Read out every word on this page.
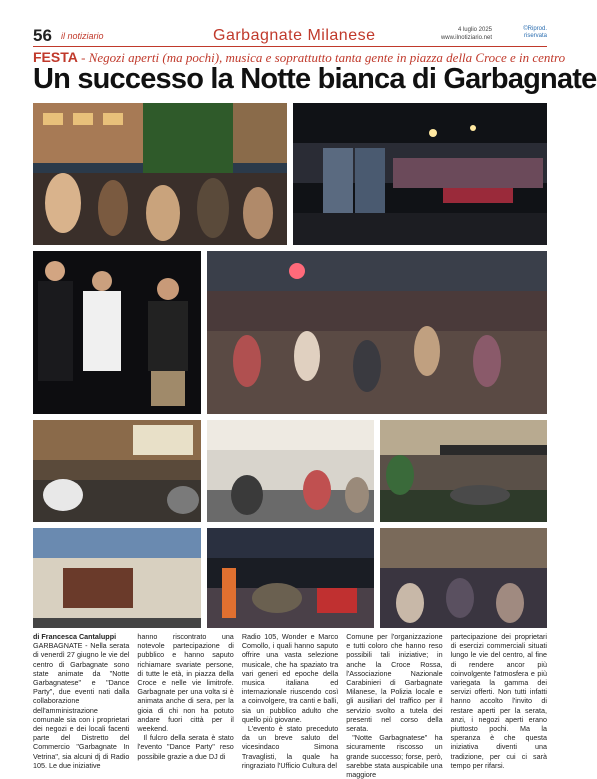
56 il notiziario	Garbagnate Milanese	4 luglio 2025
www.ilnotiziario.net
©Riprod.
riservata
FESTA - Negozi aperti (ma pochi), musica e soprattutto tanta gente in piazza della Croce e in centro
Un successo la Notte bianca di Garbagnate

di Francesca Cantaluppi

GARBAGNATE - Nella serata di venerdì 27 giugno le vie del centro di Garbagnate sono state animate da "Notte Garbagnatese" e "Dance Party", due eventi nati dalla collaborazione dell'amministrazione comunale sia con i proprietari dei negozi e dei locali facenti parte del Distretto del Commercio "Garbagnate In Vetrina", sia alcuni dj di Radio 105. Le due iniziative

hanno riscontrato una notevole partecipazione di pubblico e hanno saputo richiamare svariate persone, di tutte le età, in piazza della Croce e nelle vie limitrofe. Garbagnate per una volta si è animata anche di sera, per la gioia di chi non ha potuto andare fuori città per il weekend.

Il fulcro della serata è stato l'evento "Dance Party" reso possibile grazie a due DJ di

Radio 105, Wonder e Marco Comollo, i quali hanno saputo offrire una vasta selezione musicale, che ha spaziato tra vari generi ed epoche della musica italiana ed internazionale riuscendo così a coinvolgere, tra canti e balli, sia un pubblico adulto che quello più giovane.

L'evento è stato preceduto da un breve saluto del vicesindaco Simona Travaglisti, la quale ha ringraziato l'Ufficio Cultura del

Comune per l'organizzazione e tutti coloro che hanno reso possibili tali iniziative; in anche la Croce Rossa, l'Associazione Nazionale Carabinieri di Garbagnate Milanese, la Polizia locale e gli ausiliari del traffico per il servizio svolto a tutela dei presenti nel corso della serata.

"Notte Garbagnatese" ha sicuramente riscosso un grande successo; forse, però, sarebbe stata auspicabile una maggiore

partecipazione dei proprietari di esercizi commerciali situati lungo le vie del centro, al fine di rendere ancor più coinvolgente l'atmosfera e più variegata la gamma dei servizi offerti. Non tutti infatti hanno accolto l'invito di restare aperti per la serata, anzi, i negozi aperti erano piuttosto pochi. Ma la speranza è che questa iniziativa diventi una tradizione, per cui ci sarà tempo per rifarsi.
